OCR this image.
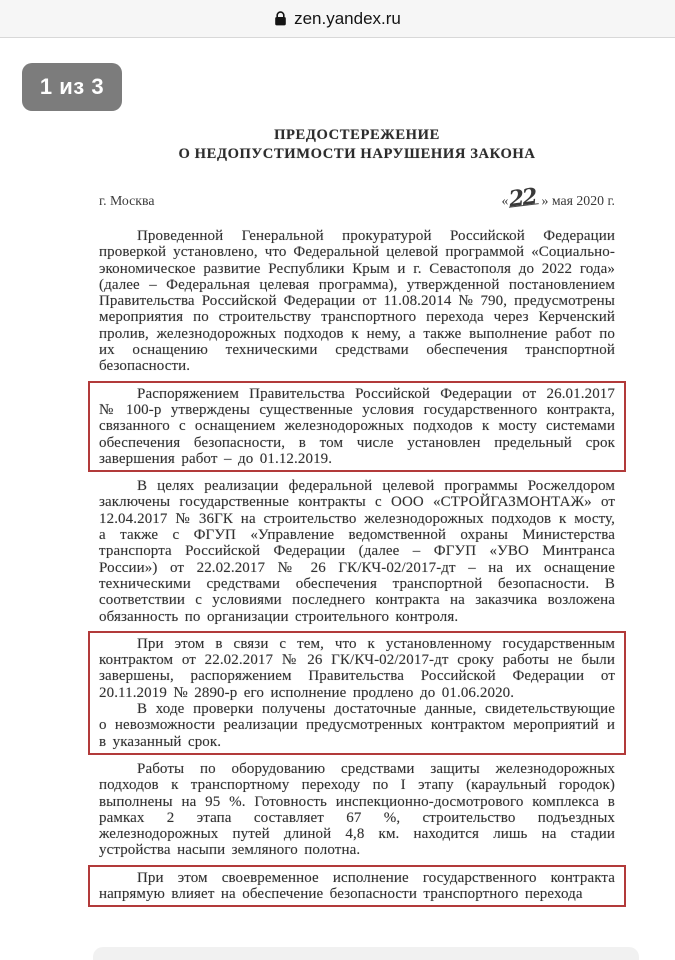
zen.yandex.ru
1 из 3
ПРЕДОСТЕРЕЖЕНИЕ
О НЕДОПУСТИМОСТИ НАРУШЕНИЯ ЗАКОНА
г. Москва	«22 » мая 2020 г.

Проведенной Генеральной прокуратурой Российской Федерации проверкой установлено, что Федеральной целевой программой «Социально-экономическое развитие Республики Крым и г. Севастополя до 2022 года» (далее – Федеральная целевая программа), утвержденной постановлением Правительства Российской Федерации от 11.08.2014 № 790, предусмотрены мероприятия по строительству транспортного перехода через Керченский пролив, железнодорожных подходов к нему, а также выполнение работ по их оснащению техническими средствами обеспечения транспортной безопасности.

Распоряжением Правительства Российской Федерации от 26.01.2017 № 100-р утверждены существенные условия государственного контракта, связанного с оснащением железнодорожных подходов к мосту системами обеспечения безопасности, в том числе установлен предельный срок завершения работ – до 01.12.2019.

В целях реализации федеральной целевой программы Росжелдором заключены государственные контракты с ООО «СТРОЙГАЗМОНТАЖ» от 12.04.2017 № 36ГК на строительство железнодорожных подходов к мосту, а также с ФГУП «Управление ведомственной охраны Министерства транспорта Российской Федерации (далее – ФГУП «УВО Минтранса России») от 22.02.2017 № 26 ГК/КЧ-02/2017-дт – на их оснащение техническими средствами обеспечения транспортной безопасности. В соответствии с условиями последнего контракта на заказчика возложена обязанность по организации строительного контроля.

При этом в связи с тем, что к установленному государственным контрактом от 22.02.2017 № 26 ГК/КЧ-02/2017-дт сроку работы не были завершены, распоряжением Правительства Российской Федерации от 20.11.2019 № 2890-р его исполнение продлено до 01.06.2020.

В ходе проверки получены достаточные данные, свидетельствующие о невозможности реализации предусмотренных контрактом мероприятий и в указанный срок.

Работы по оборудованию средствами защиты железнодорожных подходов к транспортному переходу по I этапу (караульный городок) выполнены на 95 %. Готовность инспекционно-досмотрового комплекса в рамках 2 этапа составляет 67 %, строительство подъездных железнодорожных путей длиной 4,8 км. находится лишь на стадии устройства насыпи земляного полотна.

При этом своевременное исполнение государственного контракта напрямую влияет на обеспечение безопасности транспортного перехода
